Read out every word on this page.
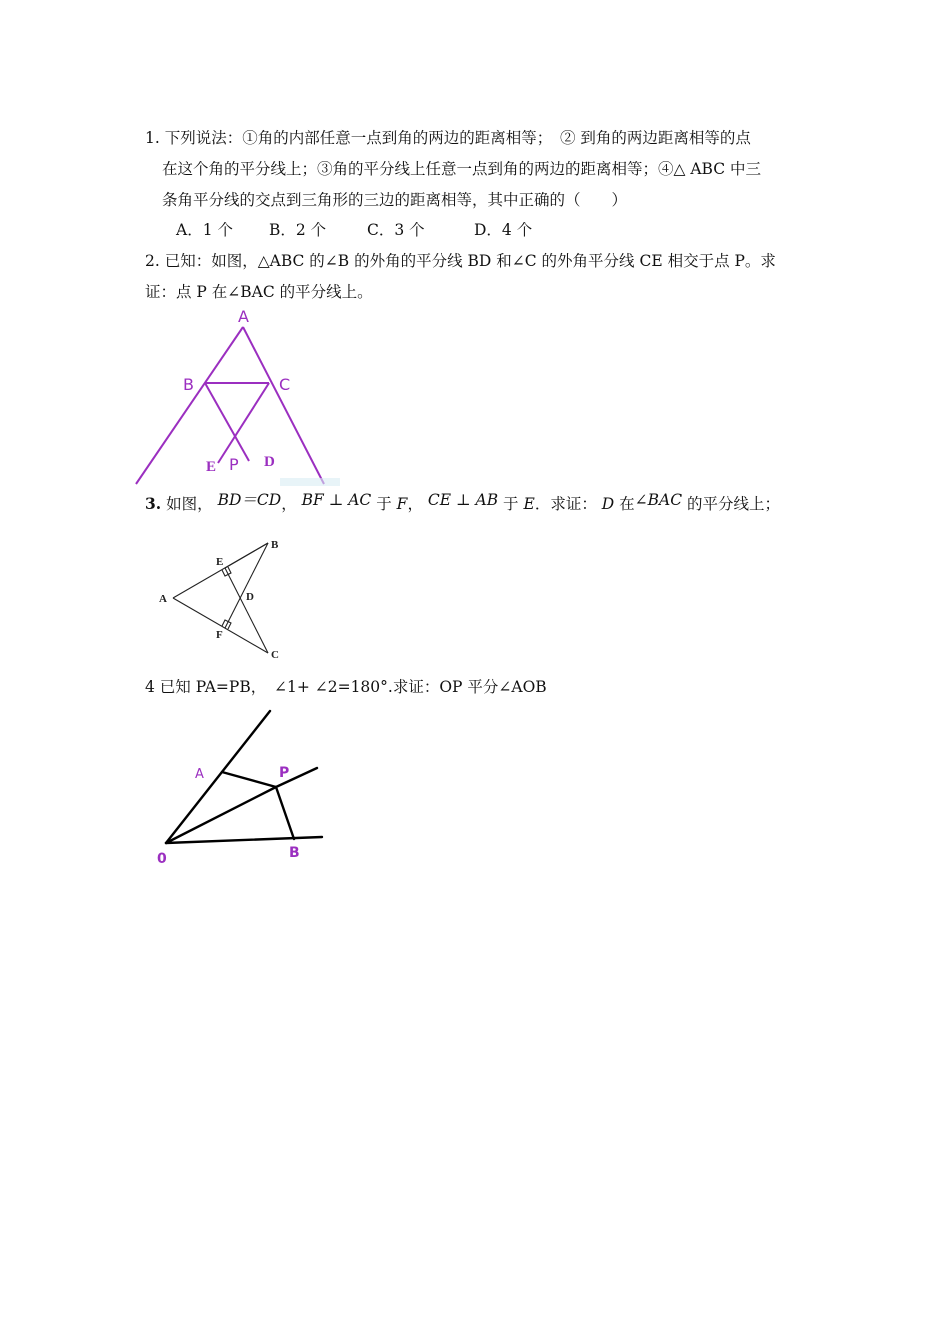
1. 下列说法：①角的内部任意一点到角的两边的距离相等；　② 到角的两边距离相等的点
在这个角的平分线上；③角的平分线上任意一点到角的两边的距离相等；④△ ABC 中三
条角平分线的交点到三角形的三边的距离相等，其中正确的（　　）
A．1 个 B．2 个	C．3 个	D．4 个
2. 已知：如图，△ABC 的∠B 的外角的平分线 BD 和∠C 的外角平分线 CE 相交于点 P。求
证：点 P 在∠BAC 的平分线上。
A
B	C
P
E	D
3. 如图， BD＝CD， BF ⊥ AC 于 F， CE ⊥ AB 于 E．求证： D 在∠BAC 的平分线上；
A
B
C
D
E
F
4 已知 PA=PB，　∠1+ ∠2=180°.求证：OP 平分∠AOB
A	P
0	B
